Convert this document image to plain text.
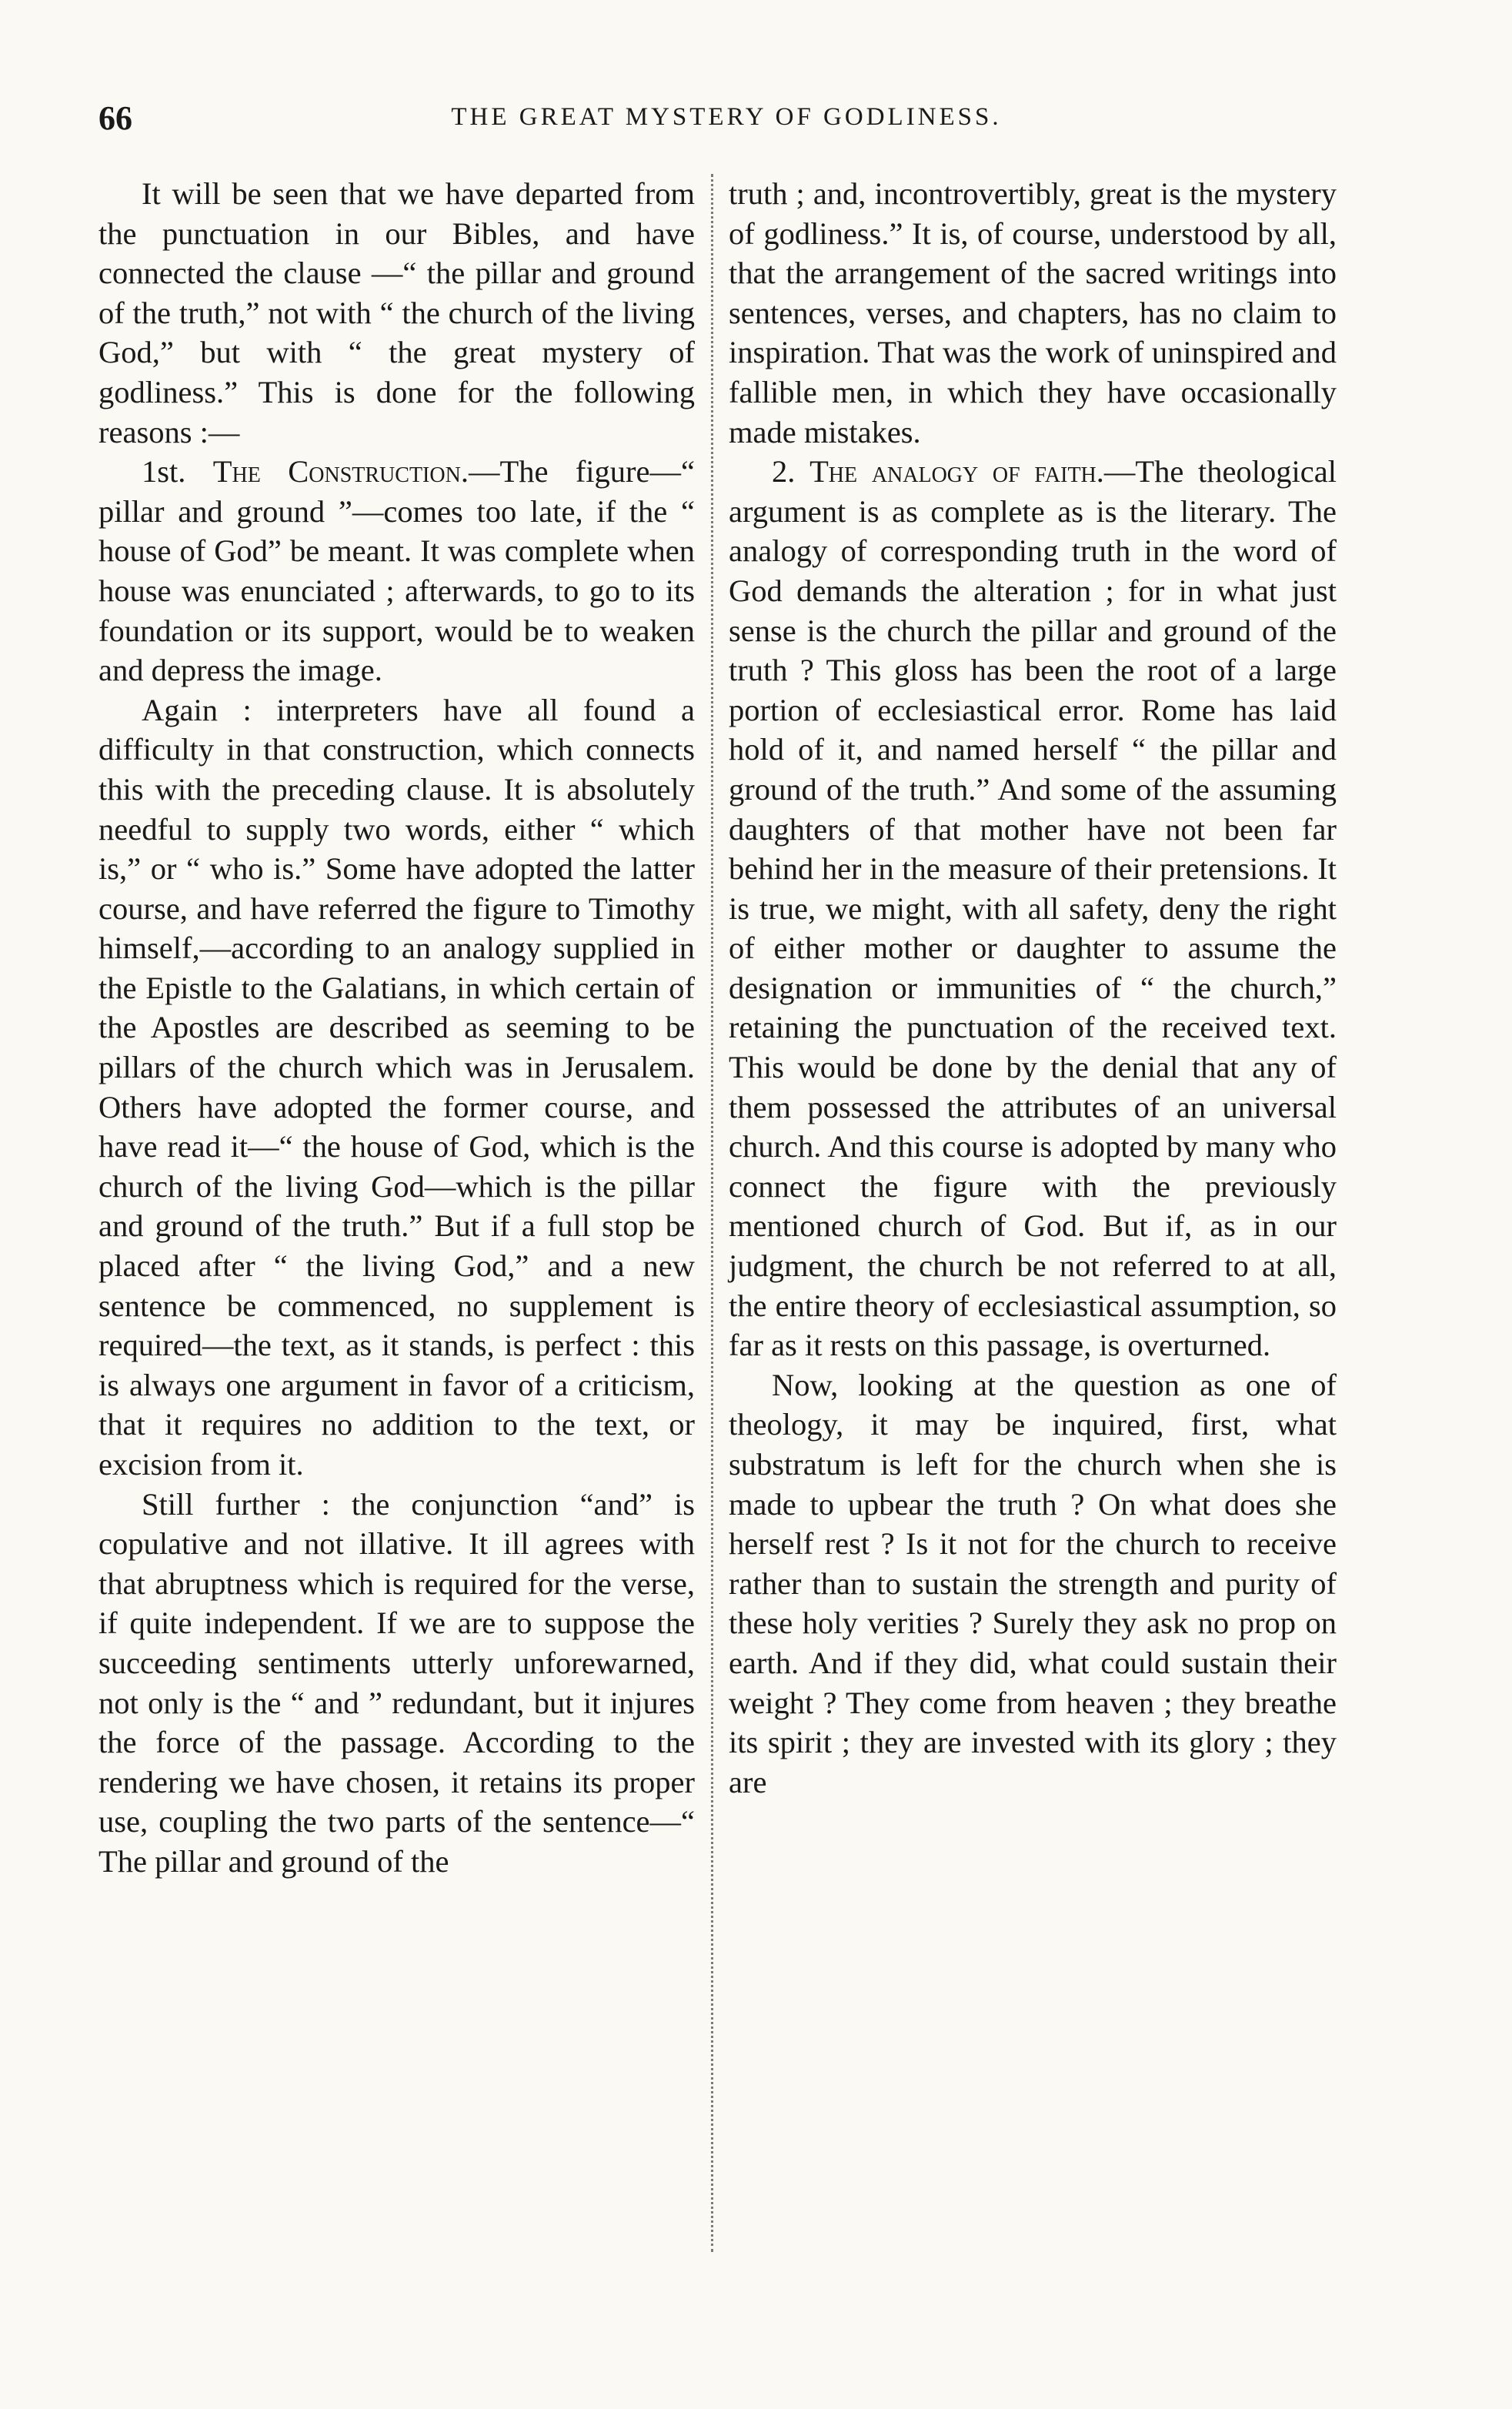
66	THE GREAT MYSTERY OF GODLINESS.

It will be seen that we have departed from the punctuation in our Bibles, and have connected the clause —“ the pillar and ground of the truth,” not with “ the church of the living God,” but with “ the great mystery of godliness.” This is done for the following reasons :—

1st. The Construction.—The figure—“ pillar and ground ”—comes too late, if the “ house of God” be meant. It was complete when house was enunciated ; afterwards, to go to its foundation or its support, would be to weaken and depress the image.

Again : interpreters have all found a difficulty in that construction, which connects this with the preceding clause. It is absolutely needful to supply two words, either “ which is,” or “ who is.” Some have adopted the latter course, and have referred the figure to Timothy himself,—according to an analogy supplied in the Epistle to the Galatians, in which certain of the Apostles are described as seeming to be pillars of the church which was in Jerusalem. Others have adopted the former course, and have read it—“ the house of God, which is the church of the living God—which is the pillar and ground of the truth.” But if a full stop be placed after “ the living God,” and a new sentence be commenced, no supplement is required—the text, as it stands, is perfect : this is always one argument in favor of a criticism, that it requires no addition to the text, or excision from it.

Still further : the conjunction “and” is copulative and not illative. It ill agrees with that abruptness which is required for the verse, if quite independent. If we are to suppose the succeeding sentiments utterly unforewarned, not only is the “ and ” redundant, but it injures the force of the passage. According to the rendering we have chosen, it retains its proper use, coupling the two parts of the sentence—“ The pillar and ground of the

truth ; and, incontrovertibly, great is the mystery of godliness.” It is, of course, understood by all, that the arrangement of the sacred writings into sentences, verses, and chapters, has no claim to inspiration. That was the work of uninspired and fallible men, in which they have occasionally made mistakes.

2. The analogy of faith.—The theological argument is as complete as is the literary. The analogy of corresponding truth in the word of God demands the alteration ; for in what just sense is the church the pillar and ground of the truth ? This gloss has been the root of a large portion of ecclesiastical error. Rome has laid hold of it, and named herself “ the pillar and ground of the truth.” And some of the assuming daughters of that mother have not been far behind her in the measure of their pretensions. It is true, we might, with all safety, deny the right of either mother or daughter to assume the designation or immunities of “ the church,” retaining the punctuation of the received text. This would be done by the denial that any of them possessed the attributes of an universal church. And this course is adopted by many who connect the figure with the previously mentioned church of God. But if, as in our judgment, the church be not referred to at all, the entire theory of ecclesiastical assumption, so far as it rests on this passage, is overturned.

Now, looking at the question as one of theology, it may be inquired, first, what substratum is left for the church when she is made to upbear the truth ? On what does she herself rest ? Is it not for the church to receive rather than to sustain the strength and purity of these holy verities ? Surely they ask no prop on earth. And if they did, what could sustain their weight ? They come from heaven ; they breathe its spirit ; they are invested with its glory ; they are
